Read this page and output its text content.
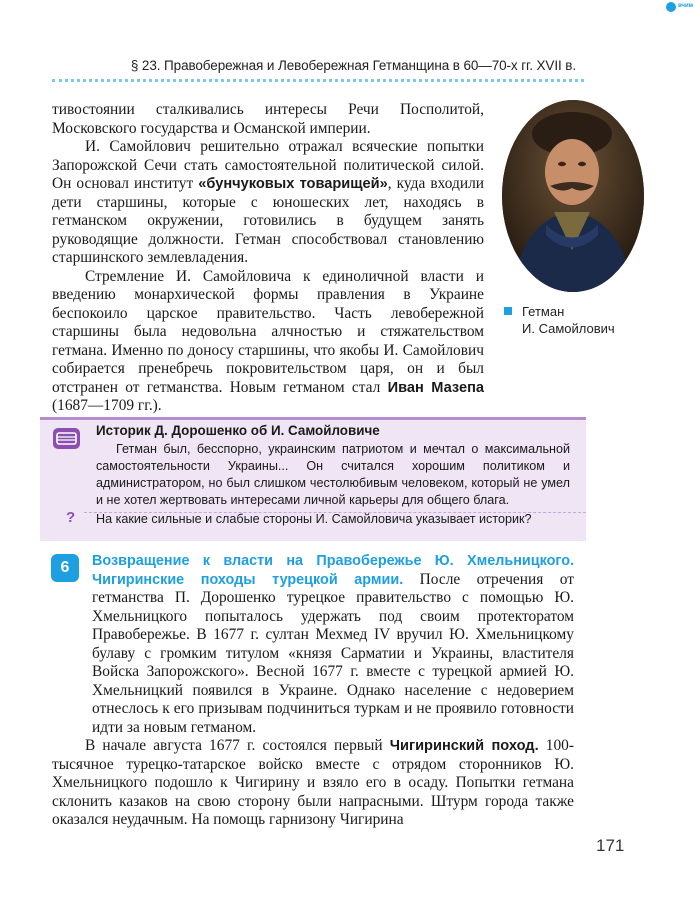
вчим
§ 23. Правобережная и Левобережная Гетманщина в 60—70-х гг. XVII в.

тивостоянии сталкивались интересы Речи Посполитой, Московского государства и Османской империи.

И. Самойлович решительно отражал всяческие попытки Запорожской Сечи стать самостоятельной политической силой. Он основал институт «бунчуковых товарищей», куда входили дети старшины, которые с юношеских лет, находясь в гетманском окружении, готовились в будущем занять руководящие должности. Гетман способствовал становлению старшинского землевладения.

Стремление И. Самойловича к единоличной власти и введению монархической формы правления в Украине беспокоило царское правительство. Часть левобережной старшины была недовольна алчностью и стяжательством гетмана. Именно по доносу старшины, что якобы И. Самойлович собирается пренебречь покровительством царя, он и был отстранен от гетманства. Новым гетманом стал Иван Мазепа (1687—1709 гг.).

Гетман
И. Самойлович
Историк Д. Дорошенко об И. Самойловиче
Гетман был, бесспорно, украинским патриотом и мечтал о максимальной самостоятельности Украины... Он считался хорошим политиком и администратором, но был слишком честолюбивым человеком, который не умел и не хотел жертвовать интересами личной карьеры для общего блага.
?	На какие сильные и слабые стороны И. Самойловича указывает историк?
6	Возвращение к власти на Правобережье Ю. Хмельницкого. Чигиринские походы турецкой армии. После отречения от гетманства П. Дорошенко турецкое правительство с помощью Ю. Хмельницкого попыталось удержать под своим протекторатом Правобережье. В 1677 г. султан Мехмед IV вручил Ю. Хмельницкому булаву с громким титулом «князя Сарматии и Украины, властителя Войска Запорожского». Весной 1677 г. вместе с турецкой армией Ю. Хмельницкий появился в Украине. Однако население с недоверием отнеслось к его призывам подчиниться туркам и не проявило готовности идти за новым гетманом.

В начале августа 1677 г. состоялся первый Чигиринский поход. 100-тысячное турецко-татарское войско вместе с отрядом сторонников Ю. Хмельницкого подошло к Чигирину и взяло его в осаду. Попытки гетмана склонить казаков на свою сторону были напрасными. Штурм города также оказался неудачным. На помощь гарнизону Чигирина

171
